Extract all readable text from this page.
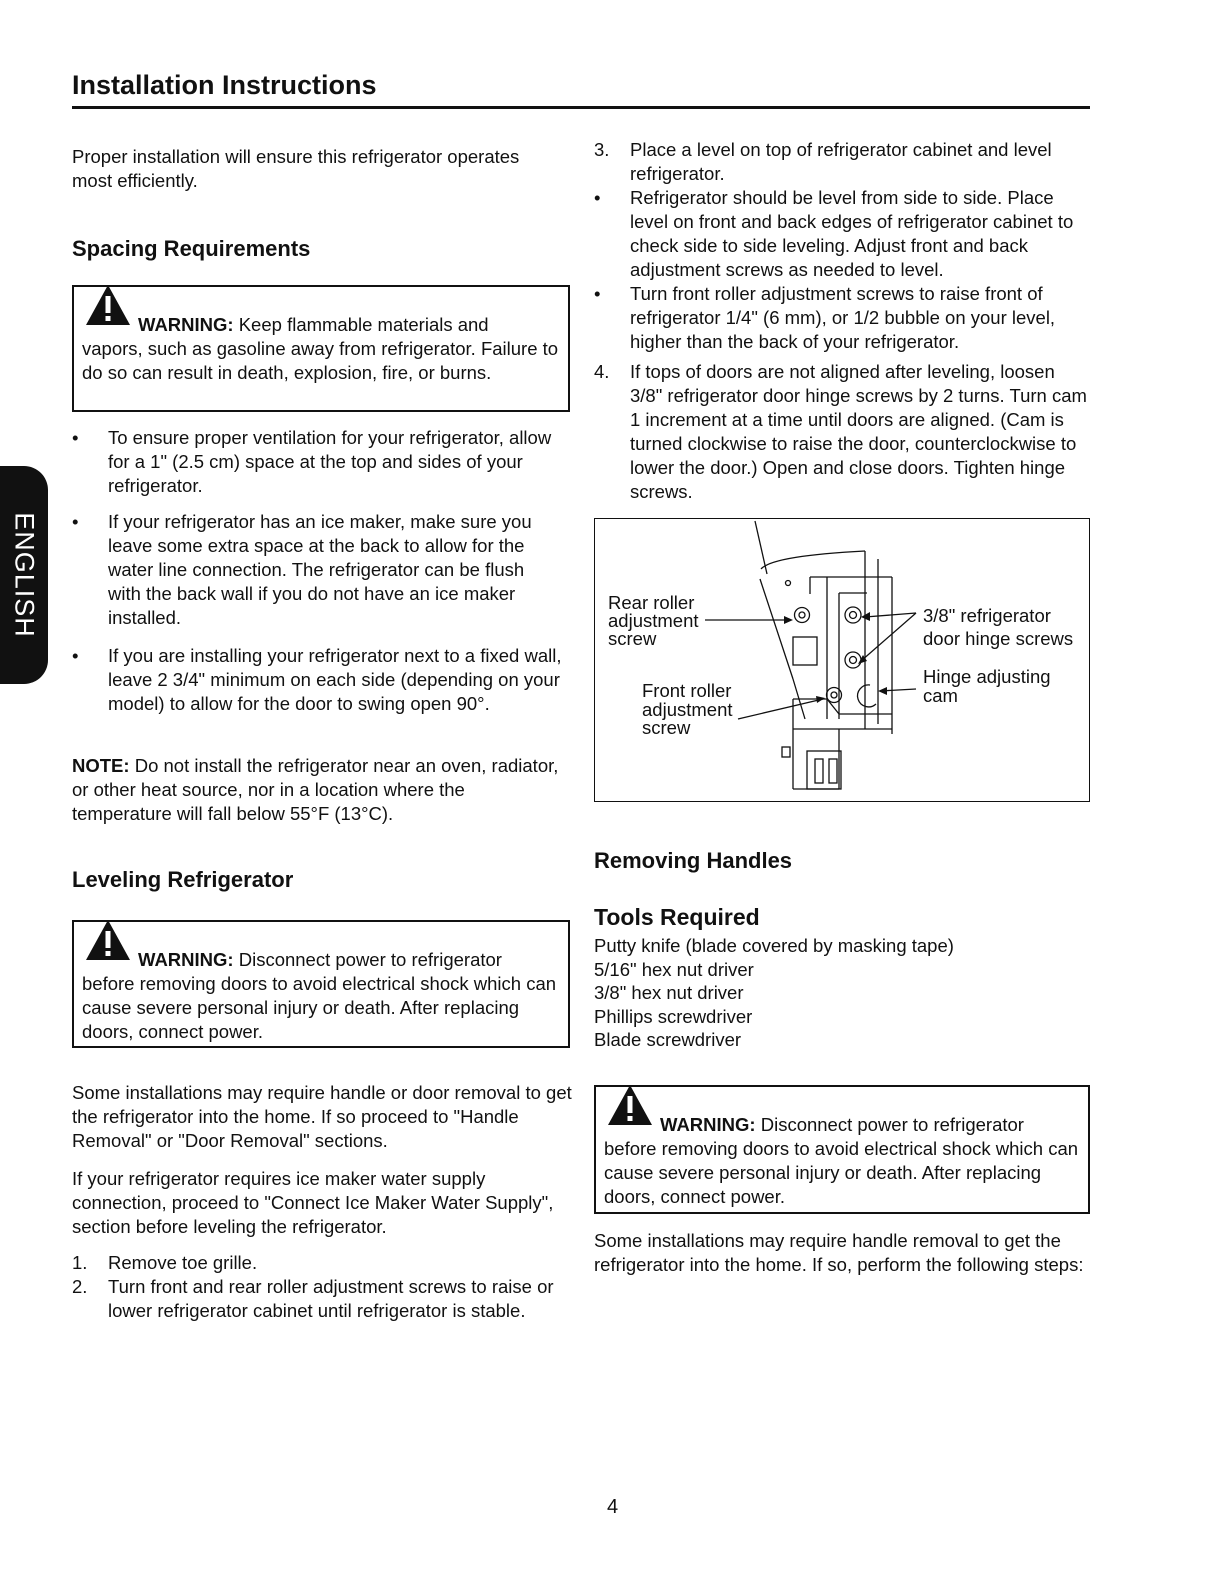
Installation Instructions
ENGLISH

Proper installation will ensure this refrigerator operates most efficiently.

Spacing Requirements
WARNING: Keep flammable materials and
vapors, such as gasoline away from refrigerator. Failure to do so can result in death, explosion, fire, or burns.
• To ensure proper ventilation for your refrigerator, allow for a 1" (2.5 cm) space at the top and sides of your refrigerator.
• If your refrigerator has an ice maker, make sure you leave some extra space at the back to allow for the water line connection. The refrigerator can be flush with the back wall if you do not have an ice maker installed.
• If you are installing your refrigerator next to a fixed wall, leave 2 3/4" minimum on each side (depending on your model) to allow for the door to swing open 90°.

NOTE: Do not install the refrigerator near an oven, radiator, or other heat source, nor in a location where the temperature will fall below 55°F (13°C).

Leveling Refrigerator
WARNING: Disconnect power to refrigerator
before removing doors to avoid electrical shock which can cause severe personal injury or death. After replacing doors, connect power.

Some installations may require handle or door removal to get the refrigerator into the home. If so proceed to "Handle Removal" or "Door Removal" sections.

If your refrigerator requires ice maker water supply connection, proceed to "Connect Ice Maker Water Supply", section before leveling the refrigerator.

1. Remove toe grille.
2. Turn front and rear roller adjustment screws to raise or lower refrigerator cabinet until refrigerator is stable.
3. Place a level on top of refrigerator cabinet and level refrigerator.
• Refrigerator should be level from side to side. Place level on front and back edges of refrigerator cabinet to check side to side leveling. Adjust front and back adjustment screws as needed to level.
• Turn front roller adjustment screws to raise front of refrigerator 1/4" (6 mm), or 1/2 bubble on your level, higher than the back of your refrigerator.
4. If tops of doors are not aligned after leveling, loosen 3/8" refrigerator door hinge screws by 2 turns. Turn cam 1 increment at a time until doors are aligned. (Cam is turned clockwise to raise the door, counterclockwise to lower the door.) Open and close doors. Tighten hinge screws.
Rear roller
adjustment
screw
Front roller
adjustment
screw
3/8" refrigerator
door hinge screws
Hinge adjusting
cam
Removing Handles
Tools Required

Putty knife (blade covered by masking tape)

5/16" hex nut driver

3/8" hex nut driver

Phillips screwdriver

Blade screwdriver

WARNING: Disconnect power to refrigerator
before removing doors to avoid electrical shock which can cause severe personal injury or death. After replacing doors, connect power.

Some installations may require handle removal to get the refrigerator into the home. If so, perform the following steps:

4
